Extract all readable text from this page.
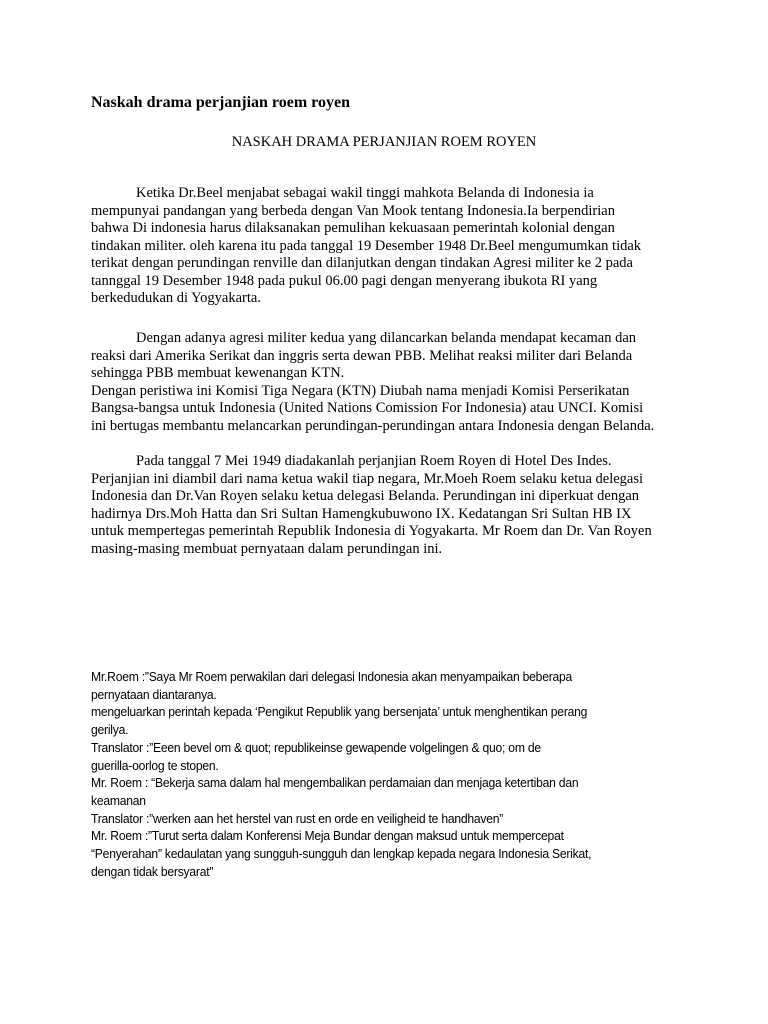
Naskah drama perjanjian roem royen
NASKAH DRAMA PERJANJIAN ROEM ROYEN
Ketika Dr.Beel menjabat sebagai wakil tinggi mahkota Belanda di Indonesia ia
mempunyai pandangan yang berbeda dengan Van Mook tentang Indonesia.Ia berpendirian
bahwa Di indonesia harus dilaksanakan pemulihan kekuasaan pemerintah kolonial dengan
tindakan militer. oleh karena itu pada tanggal 19 Desember 1948 Dr.Beel mengumumkan tidak
terikat dengan perundingan renville dan dilanjutkan dengan tindakan Agresi militer ke 2 pada
tannggal 19 Desember 1948 pada pukul 06.00 pagi dengan menyerang ibukota RI yang
berkedudukan di Yogyakarta.
Dengan adanya agresi militer kedua yang dilancarkan belanda mendapat kecaman dan
reaksi dari Amerika Serikat dan inggris serta dewan PBB. Melihat reaksi militer dari Belanda
sehingga PBB membuat kewenangan KTN.
Dengan peristiwa ini Komisi Tiga Negara (KTN) Diubah nama menjadi Komisi Perserikatan
Bangsa-bangsa untuk Indonesia (United Nations Comission For Indonesia) atau UNCI. Komisi
ini bertugas membantu melancarkan perundingan-perundingan antara Indonesia dengan Belanda.
Pada tanggal 7 Mei 1949 diadakanlah perjanjian Roem Royen di Hotel Des Indes.
Perjanjian ini diambil dari nama ketua wakil tiap negara, Mr.Moeh Roem selaku ketua delegasi
Indonesia dan Dr.Van Royen selaku ketua delegasi Belanda. Perundingan ini diperkuat dengan
hadirnya Drs.Moh Hatta dan Sri Sultan Hamengkubuwono IX. Kedatangan Sri Sultan HB IX
untuk mempertegas pemerintah Republik Indonesia di Yogyakarta. Mr Roem dan Dr. Van Royen
masing-masing membuat pernyataan dalam perundingan ini.
Mr.Roem :”Saya Mr Roem perwakilan dari delegasi Indonesia akan menyampaikan beberapa
pernyataan diantaranya.
mengeluarkan perintah kepada ‘Pengikut Republik yang bersenjata’ untuk menghentikan perang
gerilya.
Translator :”Eeen bevel om & quot; republikeinse gewapende volgelingen & quo; om de
guerilla-oorlog te stopen.
Mr. Roem : “Bekerja sama dalam hal mengembalikan perdamaian dan menjaga ketertiban dan
keamanan
Translator :”werken aan het herstel van rust en orde en veiligheid te handhaven”
Mr. Roem :”Turut serta dalam Konferensi Meja Bundar dengan maksud untuk mempercepat
“Penyerahan” kedaulatan yang sungguh-sungguh dan lengkap kepada negara Indonesia Serikat,
dengan tidak bersyarat”
